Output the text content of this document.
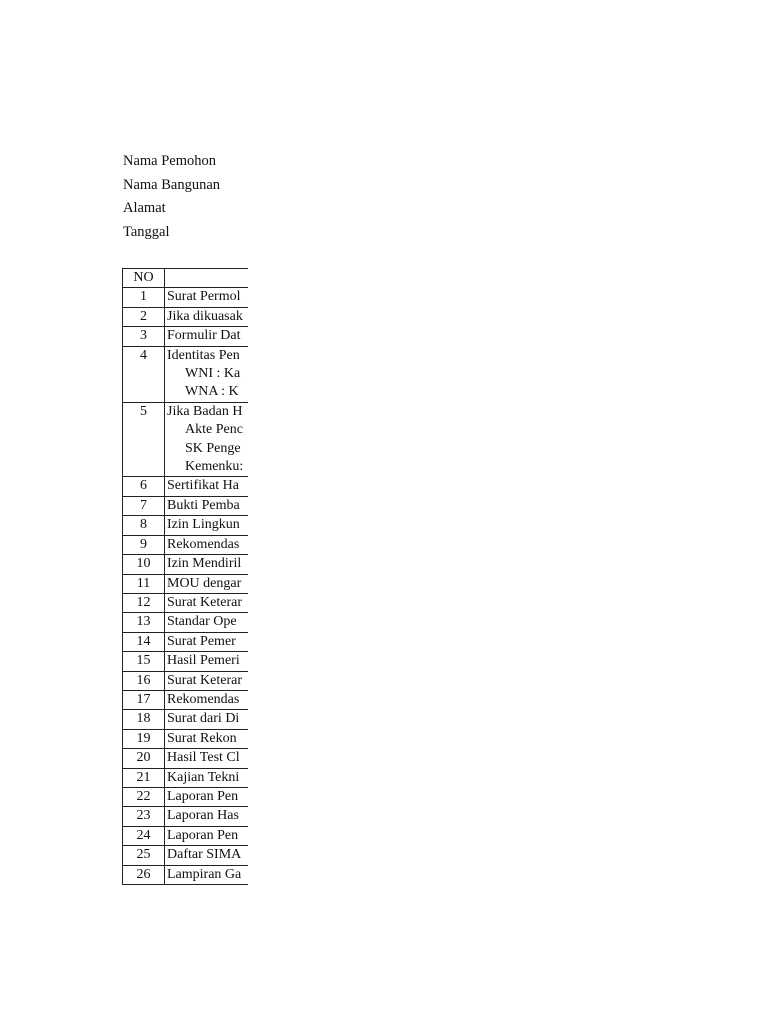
Nama Pemohon
Nama Bangunan
Alamat
Tanggal
NO	
1	Surat Permol

2	Jika dikuasak

3	Formulir Dat

4	Identitas Pen
WNI : Ka
WNA : K

5	Jika Badan H
Akte Penc
SK Penge
Kemenku:

6	Sertifikat Ha

7	Bukti Pemba

8	Izin Lingkun

9	Rekomendas

10	Izin Mendiril

11	MOU dengar

12	Surat Keterar

13	Standar Ope

14	Surat Pemer

15	Hasil Pemeri

16	Surat Keterar

17	Rekomendas

18	Surat dari Di

19	Surat Rekon

20	Hasil Test Cl

21	Kajian Tekni

22	Laporan Pen

23	Laporan Has

24	Laporan Pen

25	Daftar SIMA

26	Lampiran Ga
